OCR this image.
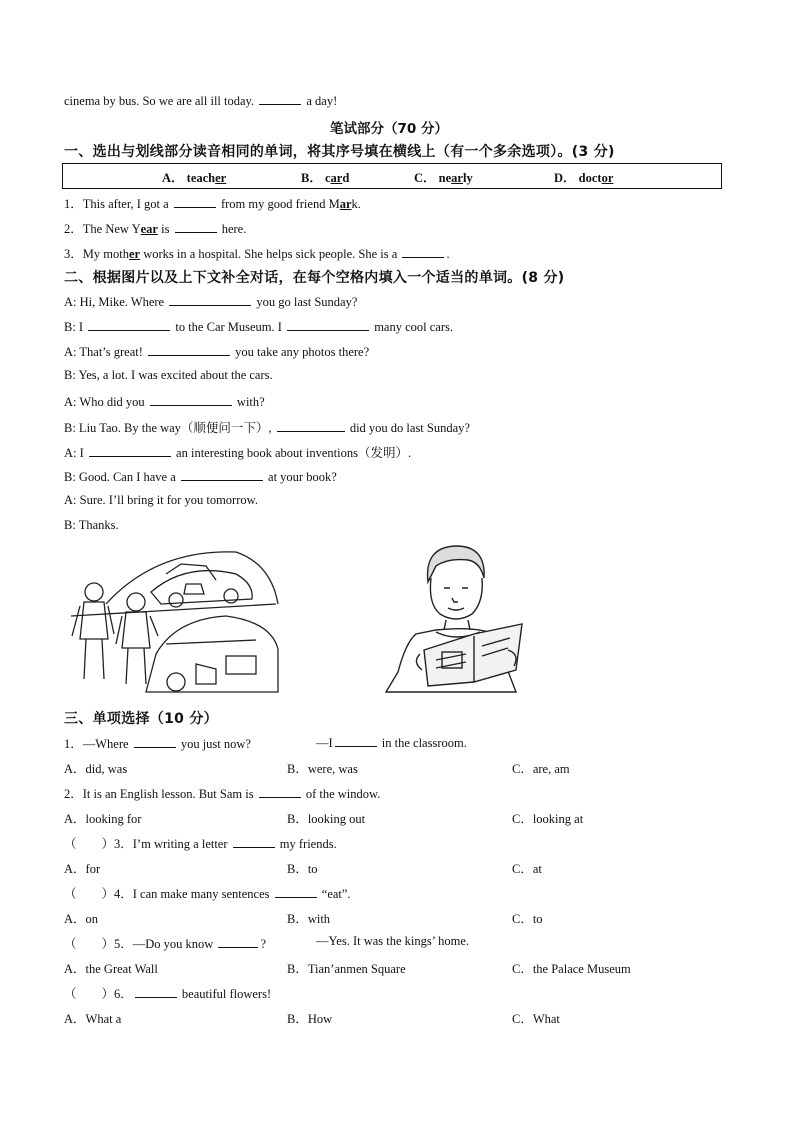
cinema by bus. So we are all ill today.	a day!
笔试部分（70 分）
一、选出与划线部分读音相同的单词，将其序号填在横线上（有一个多余选项）。(3 分)
A． teacher	B． card	C． nearly	D． doctor
1．This after, I got a	from my good friend Mark.
2．The New Year is	here.
3．My mother works in a hospital. She helps sick people. She is a	.
二、根据图片以及上下文补全对话，在每个空格内填入一个适当的单词。(8 分)
A: Hi, Mike. Where	you go last Sunday?
B: I	to the Car Museum. I	many cool cars.
A: That’s great!	you take any photos there?
B: Yes, a lot. I was excited about the cars.
A: Who did you	with?
B: Liu Tao. By the way（顺便问一下）,	did you do last Sunday?
A: I	an interesting book about inventions（发明）.
B: Good. Can I have a	at your book?
A: Sure. I’ll bring it for you tomorrow.
B: Thanks.
三、单项选择（10 分）
1．—Where	you just now?	—I	in the classroom.
A．did, was	B．were, was	C．are, am
2．It is an English lesson. But Sam is	of the window.
A．looking for	B．looking out	C．looking at
（　　）3．I’m writing a letter	my friends.
A．for	B．to	C．at
（　　）4．I can make many sentences	“eat”.
A．on	B．with	C．to
（　　）5．—Do you know	?	—Yes. It was the kings’ home.
A．the Great Wall	B．Tian’anmen Square	C．the Palace Museum
（　　）6．	beautiful flowers!
A．What a	B．How	C．What
